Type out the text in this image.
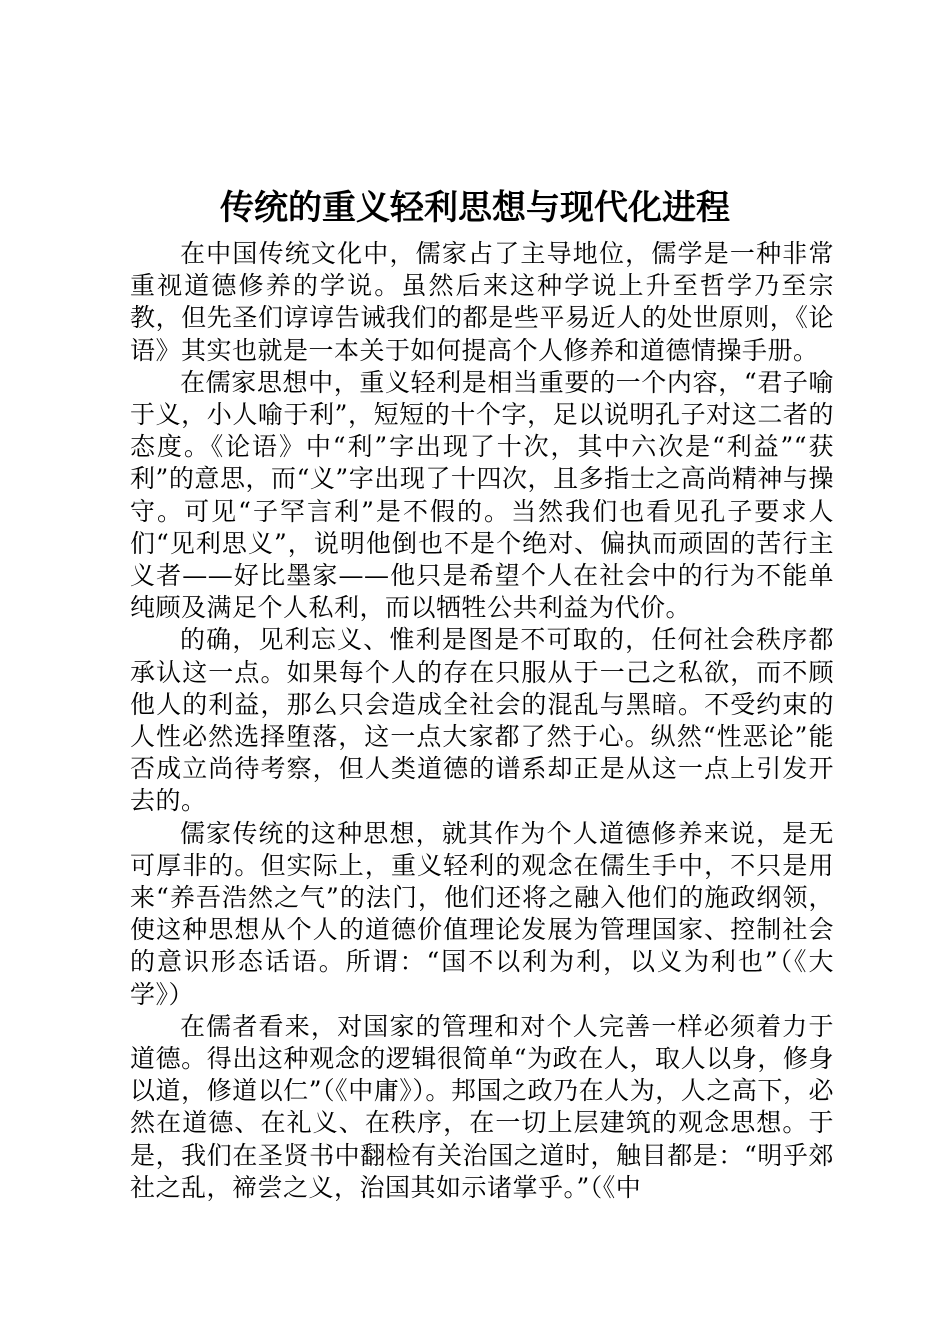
传统的重义轻利思想与现代化进程

在中国传统文化中，儒家占了主导地位，儒学是一种非常重视道德修养的学说。虽然后来这种学说上升至哲学乃至宗教，但先圣们谆谆告诫我们的都是些平易近人的处世原则，《论语》其实也就是一本关于如何提高个人修养和道德情操手册。

在儒家思想中，重义轻利是相当重要的一个内容，“君子喻于义，小人喻于利”，短短的十个字，足以说明孔子对这二者的态度。《论语》中“利”字出现了十次，其中六次是“利益”“获利”的意思，而“义”字出现了十四次，且多指士之高尚精神与操守。可见“子罕言利”是不假的。当然我们也看见孔子要求人们“见利思义”，说明他倒也不是个绝对、偏执而顽固的苦行主义者——好比墨家——他只是希望个人在社会中的行为不能单纯顾及满足个人私利，而以牺牲公共利益为代价。

的确，见利忘义、惟利是图是不可取的，任何社会秩序都承认这一点。如果每个人的存在只服从于一己之私欲，而不顾他人的利益，那么只会造成全社会的混乱与黑暗。不受约束的人性必然选择堕落，这一点大家都了然于心。纵然“性恶论”能否成立尚待考察，但人类道德的谱系却正是从这一点上引发开去的。

儒家传统的这种思想，就其作为个人道德修养来说，是无可厚非的。但实际上，重义轻利的观念在儒生手中，不只是用来“养吾浩然之气”的法门，他们还将之融入他们的施政纲领，使这种思想从个人的道德价值理论发展为管理国家、控制社会的意识形态话语。所谓：“国不以利为利，以义为利也”（《大学》）

在儒者看来，对国家的管理和对个人完善一样必须着力于道德。得出这种观念的逻辑很简单“为政在人，取人以身，修身以道，修道以仁”（《中庸》）。邦国之政乃在人为，人之高下，必然在道德、在礼义、在秩序，在一切上层建筑的观念思想。于是，我们在圣贤书中翻检有关治国之道时，触目都是：“明乎郊社之乱，禘尝之义，治国其如示诸掌乎。”（《中
